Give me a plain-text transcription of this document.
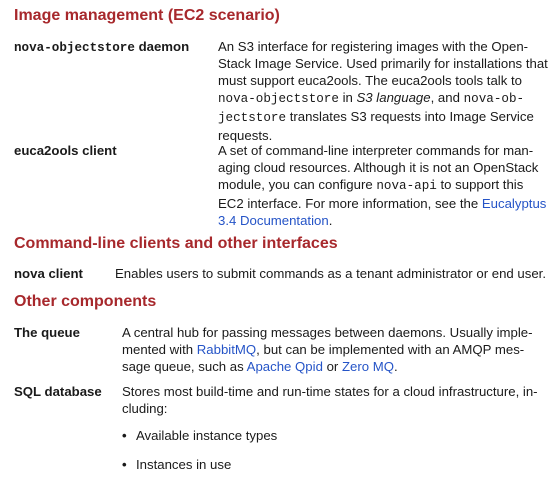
Image management (EC2 scenario)
nova-objectstore daemon An S3 interface for registering images with the Open-
Stack Image Service. Used primarily for installations that
must support euca2ools. The euca2ools tools talk to
nova-objectstore in S3 language, and nova-ob-
jectstore translates S3 requests into Image Service
requests.
euca2ools client	A set of command-line interpreter commands for man-
aging cloud resources. Although it is not an OpenStack
module, you can configure nova-api to support this
EC2 interface. For more information, see the Eucalyptus
3.4 Documentation.
Command-line clients and other interfaces
nova client Enables users to submit commands as a tenant administrator or end user.
Other components
The queue	A central hub for passing messages between daemons. Usually imple-
mented with RabbitMQ, but can be implemented with an AMQP mes-
sage queue, such as Apache Qpid or Zero MQ.
SQL database Stores most build-time and run-time states for a cloud infrastructure, in-
cluding:
• Available instance types
• Instances in use
